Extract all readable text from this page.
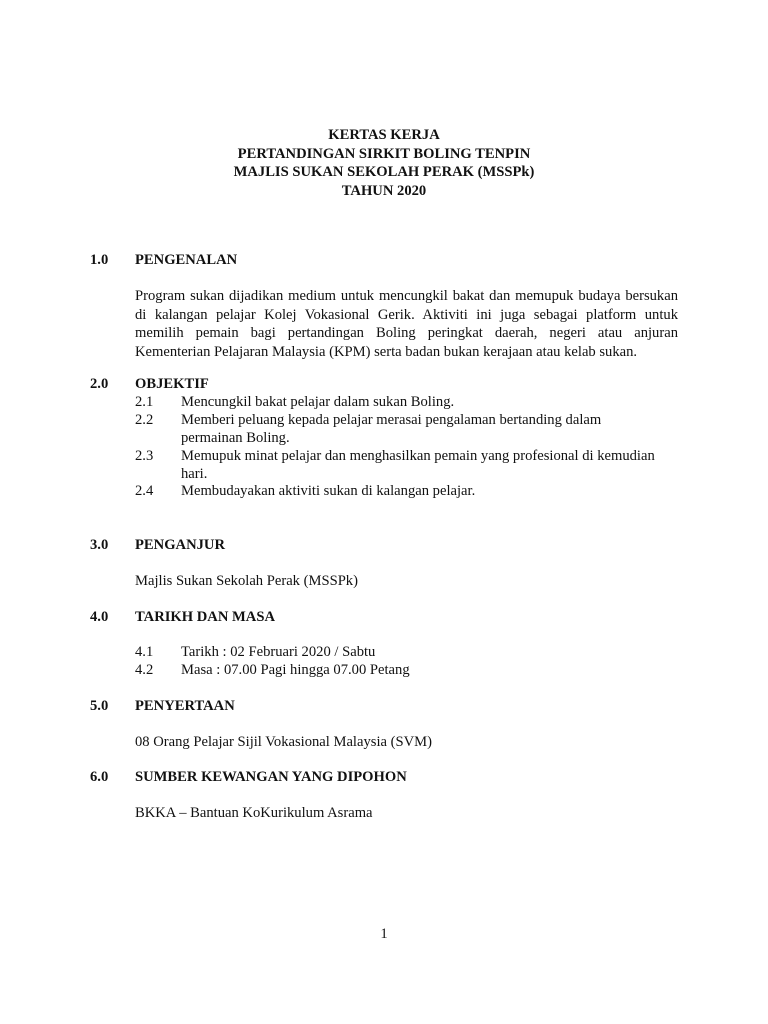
KERTAS KERJA
PERTANDINGAN SIRKIT BOLING TENPIN
MAJLIS SUKAN SEKOLAH PERAK (MSSPk)
TAHUN 2020
1.0 PENGENALAN
Program sukan dijadikan medium untuk mencungkil bakat dan memupuk budaya bersukan
di kalangan pelajar Kolej Vokasional Gerik. Aktiviti ini juga sebagai platform untuk
memilih pemain bagi pertandingan Boling peringkat daerah, negeri atau anjuran
Kementerian Pelajaran Malaysia (KPM) serta badan bukan kerajaan atau kelab sukan.
2.0 OBJEKTIF
2.1 Mencungkil bakat pelajar dalam sukan Boling.
2.2 Memberi peluang kepada pelajar merasai pengalaman bertanding dalam permainan Boling.
2.3 Memupuk minat pelajar dan menghasilkan pemain yang profesional di kemudian hari.
2.4 Membudayakan aktiviti sukan di kalangan pelajar.
3.0 PENGANJUR
Majlis Sukan Sekolah Perak (MSSPk)
4.0 TARIKH DAN MASA
4.1 Tarikh : 02 Februari 2020 / Sabtu
4.2 Masa : 07.00 Pagi hingga 07.00 Petang
5.0 PENYERTAAN
08 Orang Pelajar Sijil Vokasional Malaysia (SVM)
6.0 SUMBER KEWANGAN YANG DIPOHON
BKKA – Bantuan KoKurikulum Asrama
1
